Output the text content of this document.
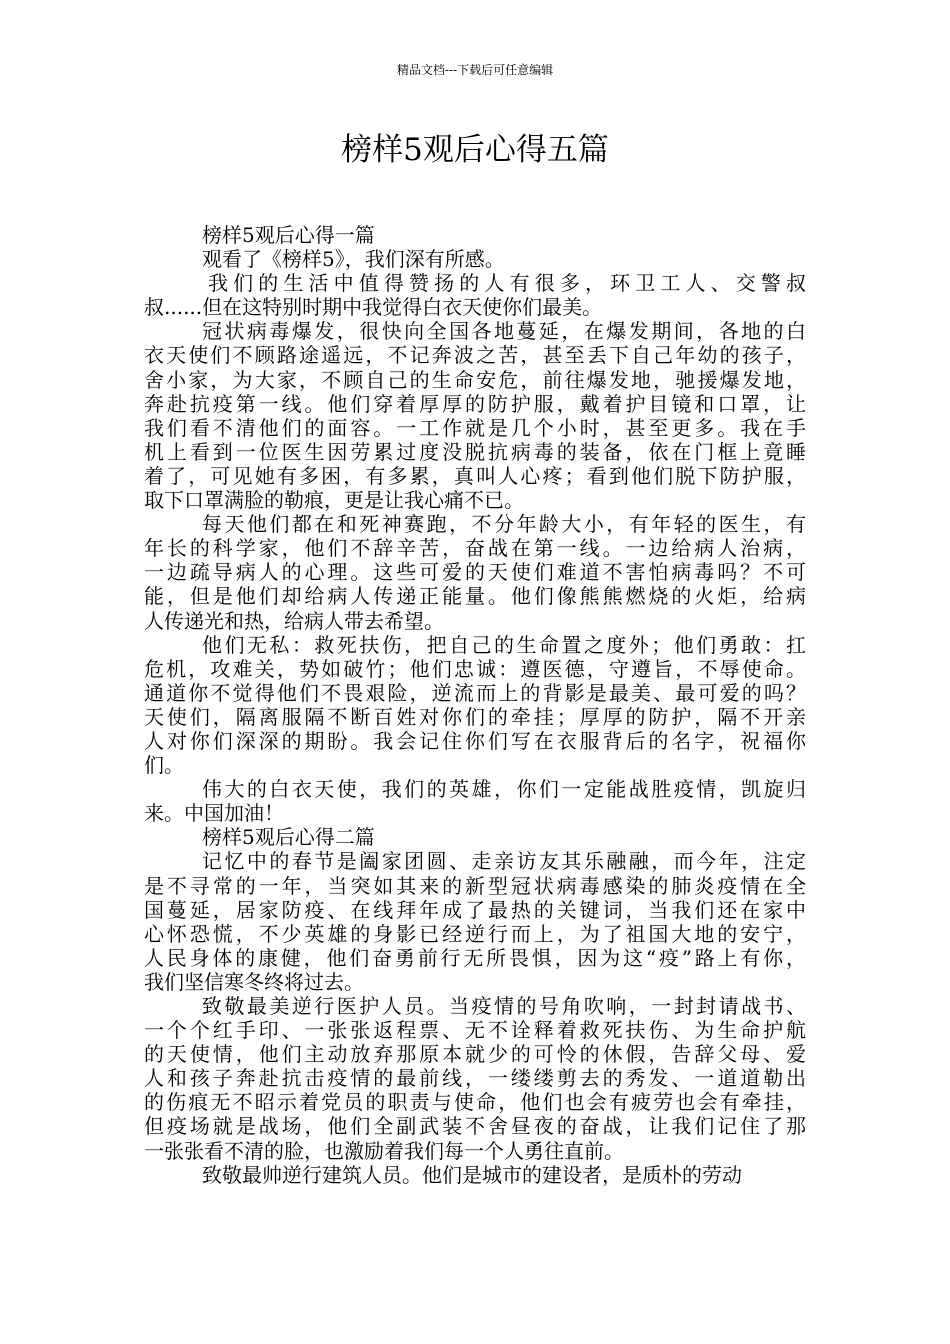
精品文档---下载后可任意编辑
榜样5观后心得五篇
榜样5观后心得一篇
观看了《榜样5》，我们深有所感。
我们的生活中值得赞扬的人有很多，环卫工人、交警叔
叔......但在这特别时期中我觉得白衣天使你们最美。
冠状病毒爆发，很快向全国各地蔓延，在爆发期间，各地的白
衣天使们不顾路途遥远，不记奔波之苦，甚至丢下自己年幼的孩子，
舍小家，为大家，不顾自己的生命安危，前往爆发地，驰援爆发地，
奔赴抗疫第一线。他们穿着厚厚的防护服，戴着护目镜和口罩，让
我们看不清他们的面容。一工作就是几个小时，甚至更多。我在手
机上看到一位医生因劳累过度没脱抗病毒的装备，依在门框上竟睡
着了，可见她有多困，有多累，真叫人心疼；看到他们脱下防护服，
取下口罩满脸的勒痕，更是让我心痛不已。
每天他们都在和死神赛跑，不分年龄大小，有年轻的医生，有
年长的科学家，他们不辞辛苦，奋战在第一线。一边给病人治病，
一边疏导病人的心理。这些可爱的天使们难道不害怕病毒吗？不可
能，但是他们却给病人传递正能量。他们像熊熊燃烧的火炬，给病
人传递光和热，给病人带去希望。
他们无私：救死扶伤，把自己的生命置之度外；他们勇敢：扛
危机，攻难关，势如破竹；他们忠诚：遵医德，守遵旨，不辱使命。
通道你不觉得他们不畏艰险，逆流而上的背影是最美、最可爱的吗？
天使们，隔离服隔不断百姓对你们的牵挂；厚厚的防护，隔不开亲
人对你们深深的期盼。我会记住你们写在衣服背后的名字，祝福你
们。
伟大的白衣天使，我们的英雄，你们一定能战胜疫情，凯旋归
来。中国加油！
榜样5观后心得二篇
记忆中的春节是阖家团圆、走亲访友其乐融融，而今年，注定
是不寻常的一年，当突如其来的新型冠状病毒感染的肺炎疫情在全
国蔓延，居家防疫、在线拜年成了最热的关键词，当我们还在家中
心怀恐慌，不少英雄的身影已经逆行而上，为了祖国大地的安宁，
人民身体的康健，他们奋勇前行无所畏惧，因为这“疫”路上有你，
我们坚信寒冬终将过去。
致敬最美逆行医护人员。当疫情的号角吹响，一封封请战书、
一个个红手印、一张张返程票、无不诠释着救死扶伤、为生命护航
的天使情，他们主动放弃那原本就少的可怜的休假，告辞父母、爱
人和孩子奔赴抗击疫情的最前线，一缕缕剪去的秀发、一道道勒出
的伤痕无不昭示着党员的职责与使命，他们也会有疲劳也会有牵挂，
但疫场就是战场，他们全副武装不舍昼夜的奋战，让我们记住了那
一张张看不清的脸，也激励着我们每一个人勇往直前。
致敬最帅逆行建筑人员。他们是城市的建设者，是质朴的劳动
